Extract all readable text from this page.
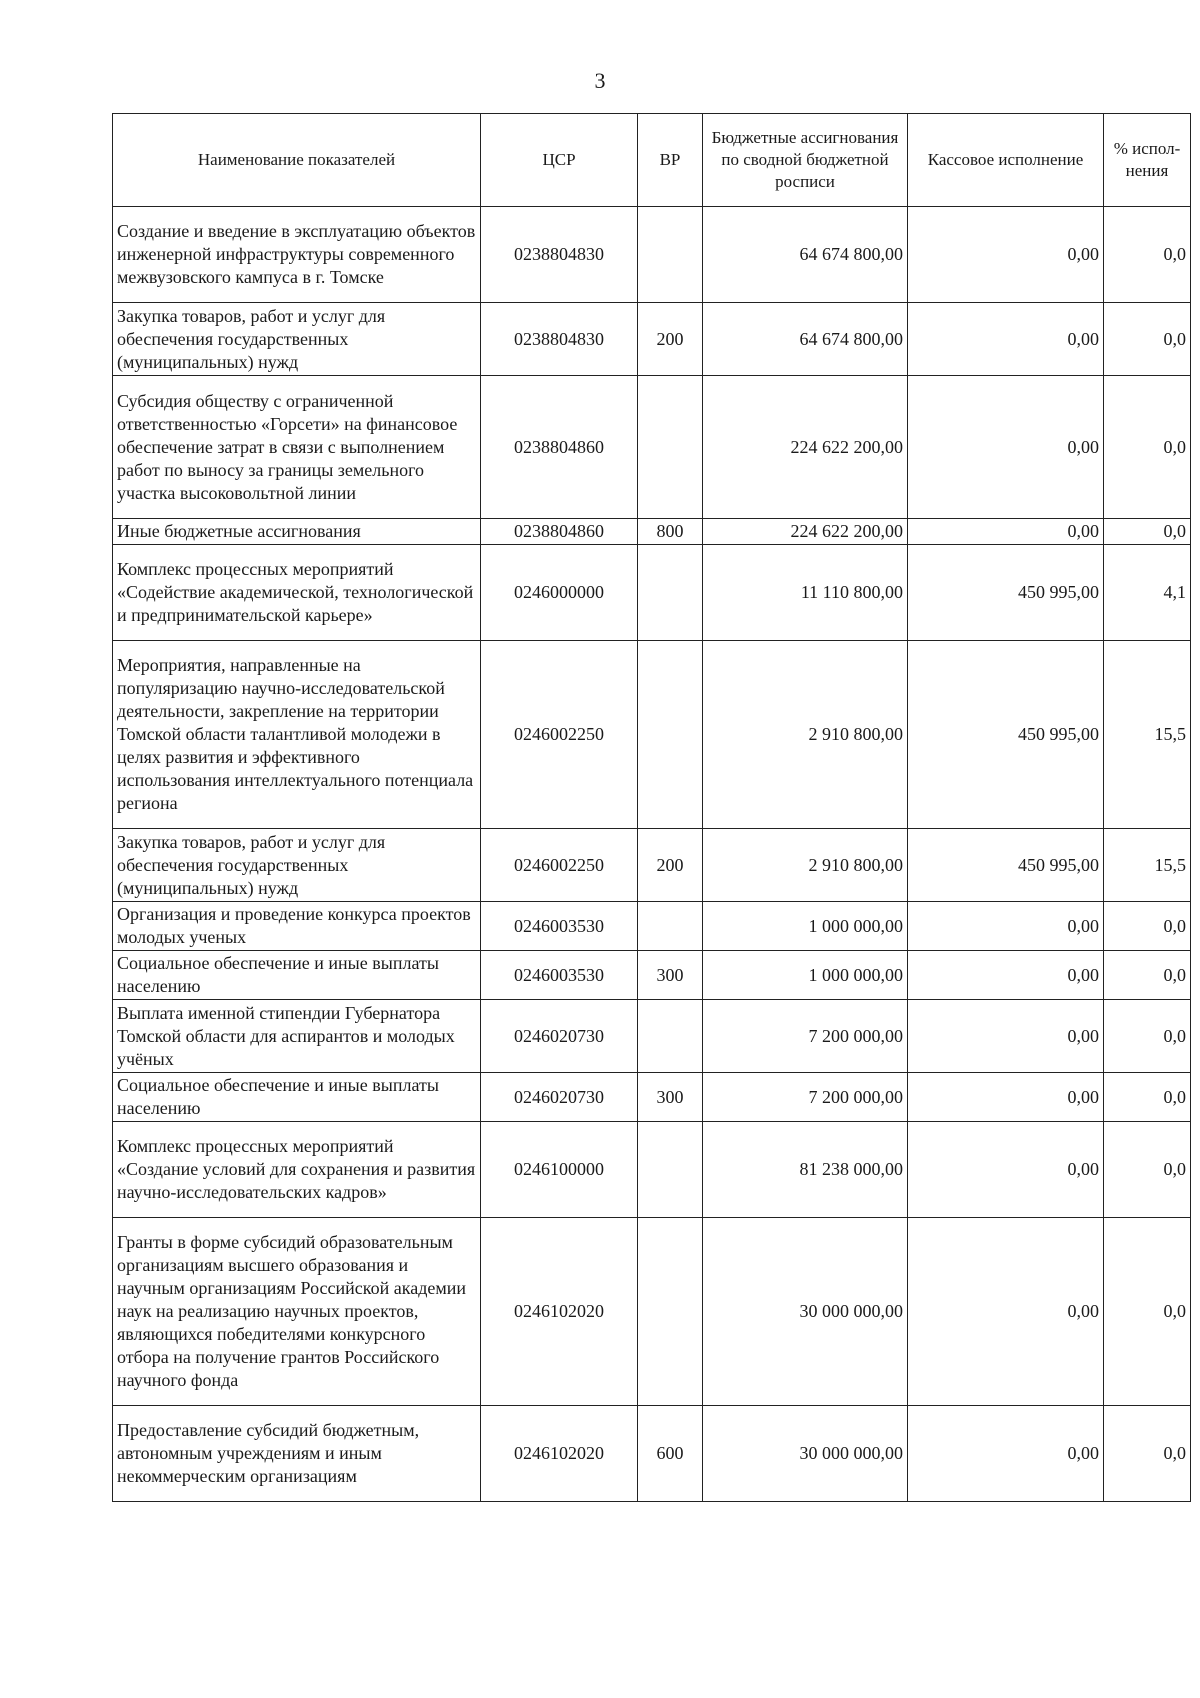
3
Наименование показателей	ЦСР	ВР	Бюджетные ассигнования по сводной бюджетной росписи	Кассовое исполнение	% испол-нения
Создание и введение в эксплуатацию объектов инженерной инфраструктуры современного межвузовского кампуса в г. Томске	0238804830		64 674 800,00	0,00	0,0
Закупка товаров, работ и услуг для обеспечения государственных (муниципальных) нужд	0238804830	200	64 674 800,00	0,00	0,0
Субсидия обществу с ограниченной ответственностью «Горсети» на финансовое обеспечение затрат в связи с выполнением работ по выносу за границы земельного участка высоковольтной линии	0238804860		224 622 200,00	0,00	0,0
Иные бюджетные ассигнования	0238804860	800	224 622 200,00	0,00	0,0
Комплекс процессных мероприятий «Содействие академической, технологической и предпринимательской карьере»	0246000000		11 110 800,00	450 995,00	4,1
Мероприятия, направленные на популяризацию научно-исследовательской деятельности, закрепление на территории Томской области талантливой молодежи в целях развития и эффективного использования интеллектуального потенциала региона	0246002250		2 910 800,00	450 995,00	15,5
Закупка товаров, работ и услуг для обеспечения государственных (муниципальных) нужд	0246002250	200	2 910 800,00	450 995,00	15,5
Организация и проведение конкурса проектов молодых ученых	0246003530		1 000 000,00	0,00	0,0
Социальное обеспечение и иные выплаты населению	0246003530	300	1 000 000,00	0,00	0,0
Выплата именной стипендии Губернатора Томской области для аспирантов и молодых учёных	0246020730		7 200 000,00	0,00	0,0
Социальное обеспечение и иные выплаты населению	0246020730	300	7 200 000,00	0,00	0,0
Комплекс процессных мероприятий «Создание условий для сохранения и развития научно-исследовательских кадров»	0246100000		81 238 000,00	0,00	0,0
Гранты в форме субсидий образовательным организациям высшего образования и научным организациям Российской академии наук на реализацию научных проектов, являющихся победителями конкурсного отбора на получение грантов Российского научного фонда	0246102020		30 000 000,00	0,00	0,0
Предоставление субсидий бюджетным, автономным учреждениям и иным некоммерческим организациям	0246102020	600	30 000 000,00	0,00	0,0
